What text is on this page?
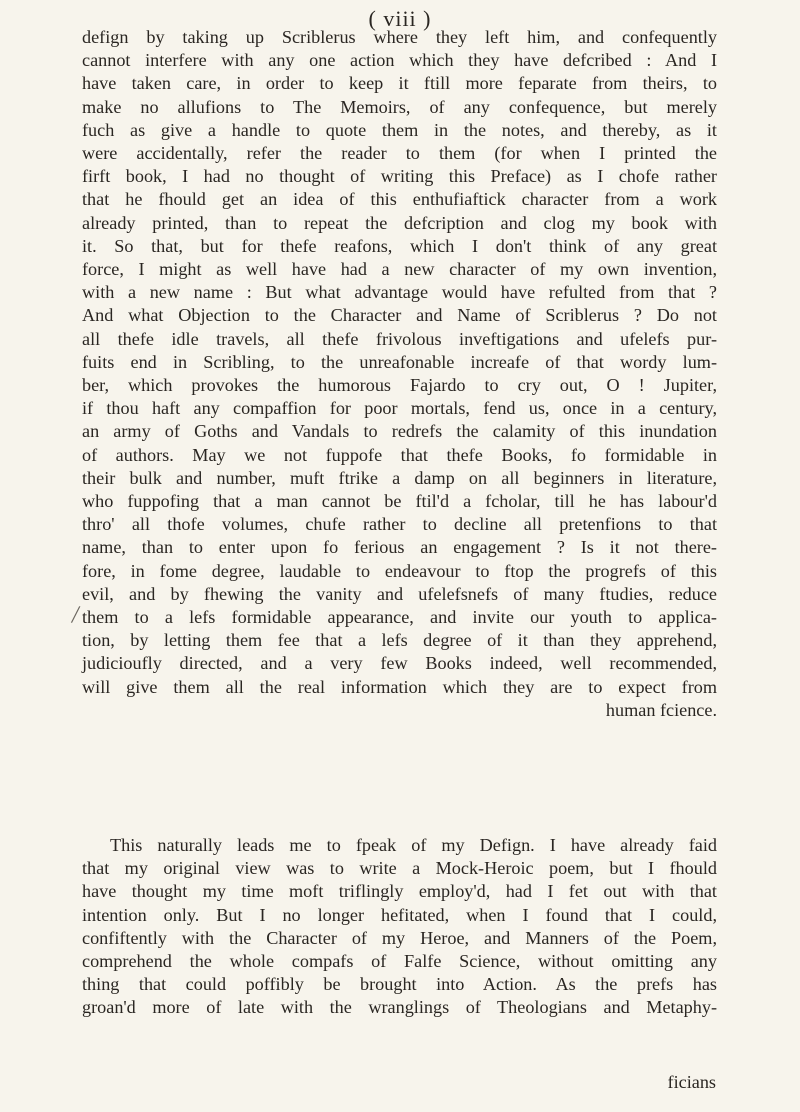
( viii )
/

defign by taking up Scriblerus where they left him, and confequently

cannot interfere with any one action which they have defcribed : And I

have taken care, in order to keep it ftill more feparate from theirs, to

make no allufions to The Memoirs, of any confequence, but merely

fuch as give a handle to quote them in the notes, and thereby, as it

were accidentally, refer the reader to them (for when I printed the

firft book, I had no thought of writing this Preface) as I chofe rather

that he fhould get an idea of this enthufiaftick character from a work

already printed, than to repeat the defcription and clog my book with

it. So that, but for thefe reafons, which I don't think of any great

force, I might as well have had a new character of my own invention,

with a new name : But what advantage would have refulted from that ?

And what Objection to the Character and Name of Scriblerus ? Do not

all thefe idle travels, all thefe frivolous inveftigations and ufelefs pur-

fuits end in Scribling, to the unreafonable increafe of that wordy lum-

ber, which provokes the humorous Fajardo to cry out, O ! Jupiter,

if thou haft any compaffion for poor mortals, fend us, once in a century,

an army of Goths and Vandals to redrefs the calamity of this inundation

of authors. May we not fuppofe that thefe Books, fo formidable in

their bulk and number, muft ftrike a damp on all beginners in literature,

who fuppofing that a man cannot be ftil'd a fcholar, till he has labour'd

thro' all thofe volumes, chufe rather to decline all pretenfions to that

name, than to enter upon fo ferious an engagement ? Is it not there-

fore, in fome degree, laudable to endeavour to ftop the progrefs of this

evil, and by fhewing the vanity and ufelefsnefs of many ftudies, reduce

them to a lefs formidable appearance, and invite our youth to applica-

tion, by letting them fee that a lefs degree of it than they apprehend,

judicioufly directed, and a very few Books indeed, well recommended,

will give them all the real information which they are to expect from

human fcience.

This naturally leads me to fpeak of my Defign. I have already faid

that my original view was to write a Mock-Heroic poem, but I fhould

have thought my time moft triflingly employ'd, had I fet out with that

intention only. But I no longer hefitated, when I found that I could,

confiftently with the Character of my Heroe, and Manners of the Poem,

comprehend the whole compafs of Falfe Science, without omitting any

thing that could poffibly be brought into Action. As the prefs has

groan'd more of late with the wranglings of Theologians and Metaphy-

ficians
